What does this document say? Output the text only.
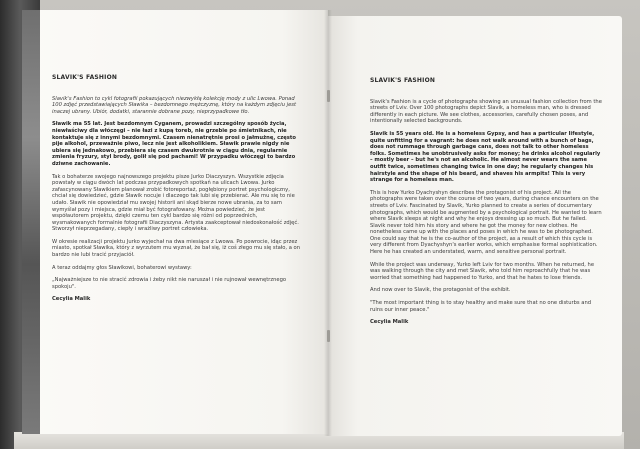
SLAVIK'S FASHION

Slavik's Fashion to cykl fotografii pokazujących niezwykłą kolekcję mody z ulic Lwowa. Ponad 100 zdjęć przedstawiających Sławika – bezdomnego mężczyznę, który na każdym zdjęciu jest inaczej ubrany. Ubiór, dodatki, starannie dobrane pozy, nieprzypadkowe tło.

Sławik ma 55 lat. Jest bezdomnym Cyganem, prowadzi szczególny sposób życia, niewłaściwy dla włóczęgi – nie łazi z kupą toreb, nie grzebie po śmietnikach, nie kontaktuje się z innymi bezdomnymi. Czasem nienatrętnie prosi o jałmużnę, często pije alkohol, przeważnie piwo, lecz nie jest alkoholikiem. Sławik prawie nigdy nie ubiera się jednakowo, przebiera się czasem dwukrotnie w ciągu dnia, regularnie zmienia fryzury, styl brody, golił się pod pachami! W przypadku włóczęgi to bardzo dziwne zachowanie.

Tak o bohaterze swojego najnowszego projektu pisze Jurko Diaczyszyn. Wszystkie zdjęcia powstały w ciągu dwóch lat podczas przypadkowych spotkań na ulicach Lwowa. Jurko zafascynowany Sławikiem planował zrobić fotoreportaż, pogłębiony portret psychologiczny, chciał się dowiedzieć, gdzie Sławik nocuje i dlaczego tak lubi się przebierać. Ale mu się to nie udało. Sławik nie opowiedział mu swojej historii ani skąd bierze nowe ubrania, za to sam wymyślał pozy i miejsca, gdzie miał być fotografowany. Można powiedzieć, że jest współautorem projektu, dzięki czemu ten cykl bardzo się różni od poprzednich, wysmakowanych formalnie fotografii Diaczyszyna. Artysta zaakceptował niedoskonałość zdjęć. Stworzył nieprzegadany, ciepły i wrażliwy portret człowieka.

W okresie realizacji projektu Jurko wyjechał na dwa miesiące z Lwowa. Po powrocie, idąc przez miasto, spotkał Sławika, który z wyrzutem mu wyznał, że bał się, iż coś złego mu się stało, a on bardzo nie lubi tracić przyjaciół.

A teraz oddajmy głos Sławikowi, bohaterowi wystawy:

„Najważniejsze to nie stracić zdrowia i żeby nikt nie naruszał i nie rujnował wewnętrznego spokoju".

Cecylia Malik

SLAVIK'S FASHION

Slavik's Fashion is a cycle of photographs showing an unusual fashion collection from the streets of Lviv. Over 100 photographs depict Slavik, a homeless man, who is dressed differently in each picture. We see clothes, accessories, carefully chosen poses, and intentionally selected backgrounds.

Slavik is 55 years old. He is a homeless Gypsy, and has a particular lifestyle, quite unfitting for a vagrant: he does not walk around with a bunch of bags, does not rummage through garbage cans, does not talk to other homeless folks. Sometimes he unobtrusively asks for money; he drinks alcohol regularly – mostly beer – but he's not an alcoholic. He almost never wears the same outfit twice, sometimes changing twice in one day; he regularly changes his hairstyle and the shape of his beard, and shaves his armpits! This is very strange for a homeless man.

This is how Yurko Dyachyshyn describes the protagonist of his project. All the photographs were taken over the course of two years, during chance encounters on the streets of Lviv. Fascinated by Slavik, Yurko planned to create a series of documentary photographs, which would be augmented by a psychological portrait. He wanted to learn where Slavik sleeps at night and why he enjoys dressing up so much. But he failed. Slavik never told him his story and where he got the money for new clothes. He nonetheless came up with the places and poses in which he was to be photographed. One could say that he is the co-author of the project, as a result of which this cycle is very different from Dyachyshyn's earlier works, which emphasise formal sophistication. Here he has created an understated, warm, and sensitive personal portrait.

While the project was underway, Yurko left Lviv for two months. When he returned, he was walking through the city and met Slavik, who told him reproachfully that he was worried that something had happened to Yurko, and that he hates to lose friends.

And now over to Slavik, the protagonist of the exhibit.

"The most important thing is to stay healthy and make sure that no one disturbs and ruins our inner peace."

Cecylia Malik
